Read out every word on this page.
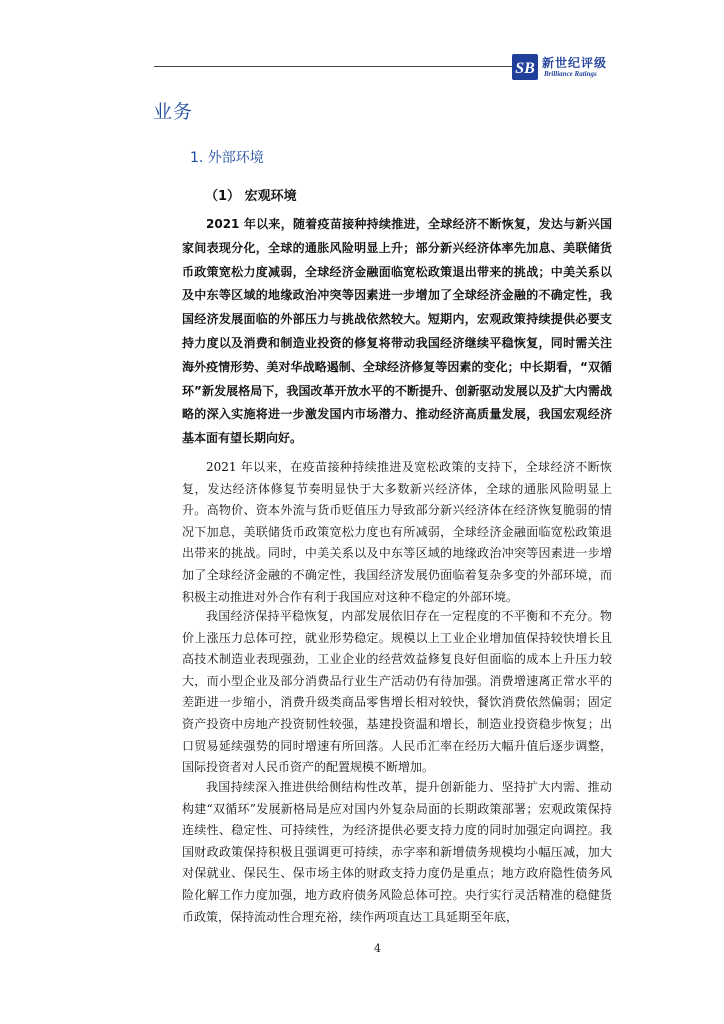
SB 新世纪评级
Brilliance Ratings
业务
1. 外部环境
（1） 宏观环境

2021 年以来，随着疫苗接种持续推进，全球经济不断恢复，发达与新兴国家间表现分化，全球的通胀风险明显上升；部分新兴经济体率先加息、美联储货币政策宽松力度减弱，全球经济金融面临宽松政策退出带来的挑战；中美关系以及中东等区域的地缘政治冲突等因素进一步增加了全球经济金融的不确定性，我国经济发展面临的外部压力与挑战依然较大。短期内，宏观政策持续提供必要支持力度以及消费和制造业投资的修复将带动我国经济继续平稳恢复，同时需关注海外疫情形势、美对华战略遏制、全球经济修复等因素的变化；中长期看，“双循环”新发展格局下，我国改革开放水平的不断提升、创新驱动发展以及扩大内需战略的深入实施将进一步激发国内市场潜力、推动经济高质量发展，我国宏观经济基本面有望长期向好。

2021 年以来，在疫苗接种持续推进及宽松政策的支持下，全球经济不断恢复，发达经济体修复节奏明显快于大多数新兴经济体，全球的通胀风险明显上升。高物价、资本外流与货币贬值压力导致部分新兴经济体在经济恢复脆弱的情况下加息，美联储货币政策宽松力度也有所减弱，全球经济金融面临宽松政策退出带来的挑战。同时，中美关系以及中东等区域的地缘政治冲突等因素进一步增加了全球经济金融的不确定性，我国经济发展仍面临着复杂多变的外部环境，而积极主动推进对外合作有利于我国应对这种不稳定的外部环境。

我国经济保持平稳恢复，内部发展依旧存在一定程度的不平衡和不充分。物价上涨压力总体可控，就业形势稳定。规模以上工业企业增加值保持较快增长且高技术制造业表现强劲，工业企业的经营效益修复良好但面临的成本上升压力较大，而小型企业及部分消费品行业生产活动仍有待加强。消费增速离正常水平的差距进一步缩小，消费升级类商品零售增长相对较快，餐饮消费依然偏弱；固定资产投资中房地产投资韧性较强，基建投资温和增长，制造业投资稳步恢复；出口贸易延续强势的同时增速有所回落。人民币汇率在经历大幅升值后逐步调整，国际投资者对人民币资产的配置规模不断增加。

我国持续深入推进供给侧结构性改革，提升创新能力、坚持扩大内需、推动构建“双循环”发展新格局是应对国内外复杂局面的长期政策部署；宏观政策保持连续性、稳定性、可持续性，为经济提供必要支持力度的同时加强定向调控。我国财政政策保持积极且强调更可持续，赤字率和新增债务规模均小幅压减，加大对保就业、保民生、保市场主体的财政支持力度仍是重点；地方政府隐性债务风险化解工作力度加强，地方政府债务风险总体可控。央行实行灵活精准的稳健货币政策，保持流动性合理充裕，续作两项直达工具延期至年底，

4
